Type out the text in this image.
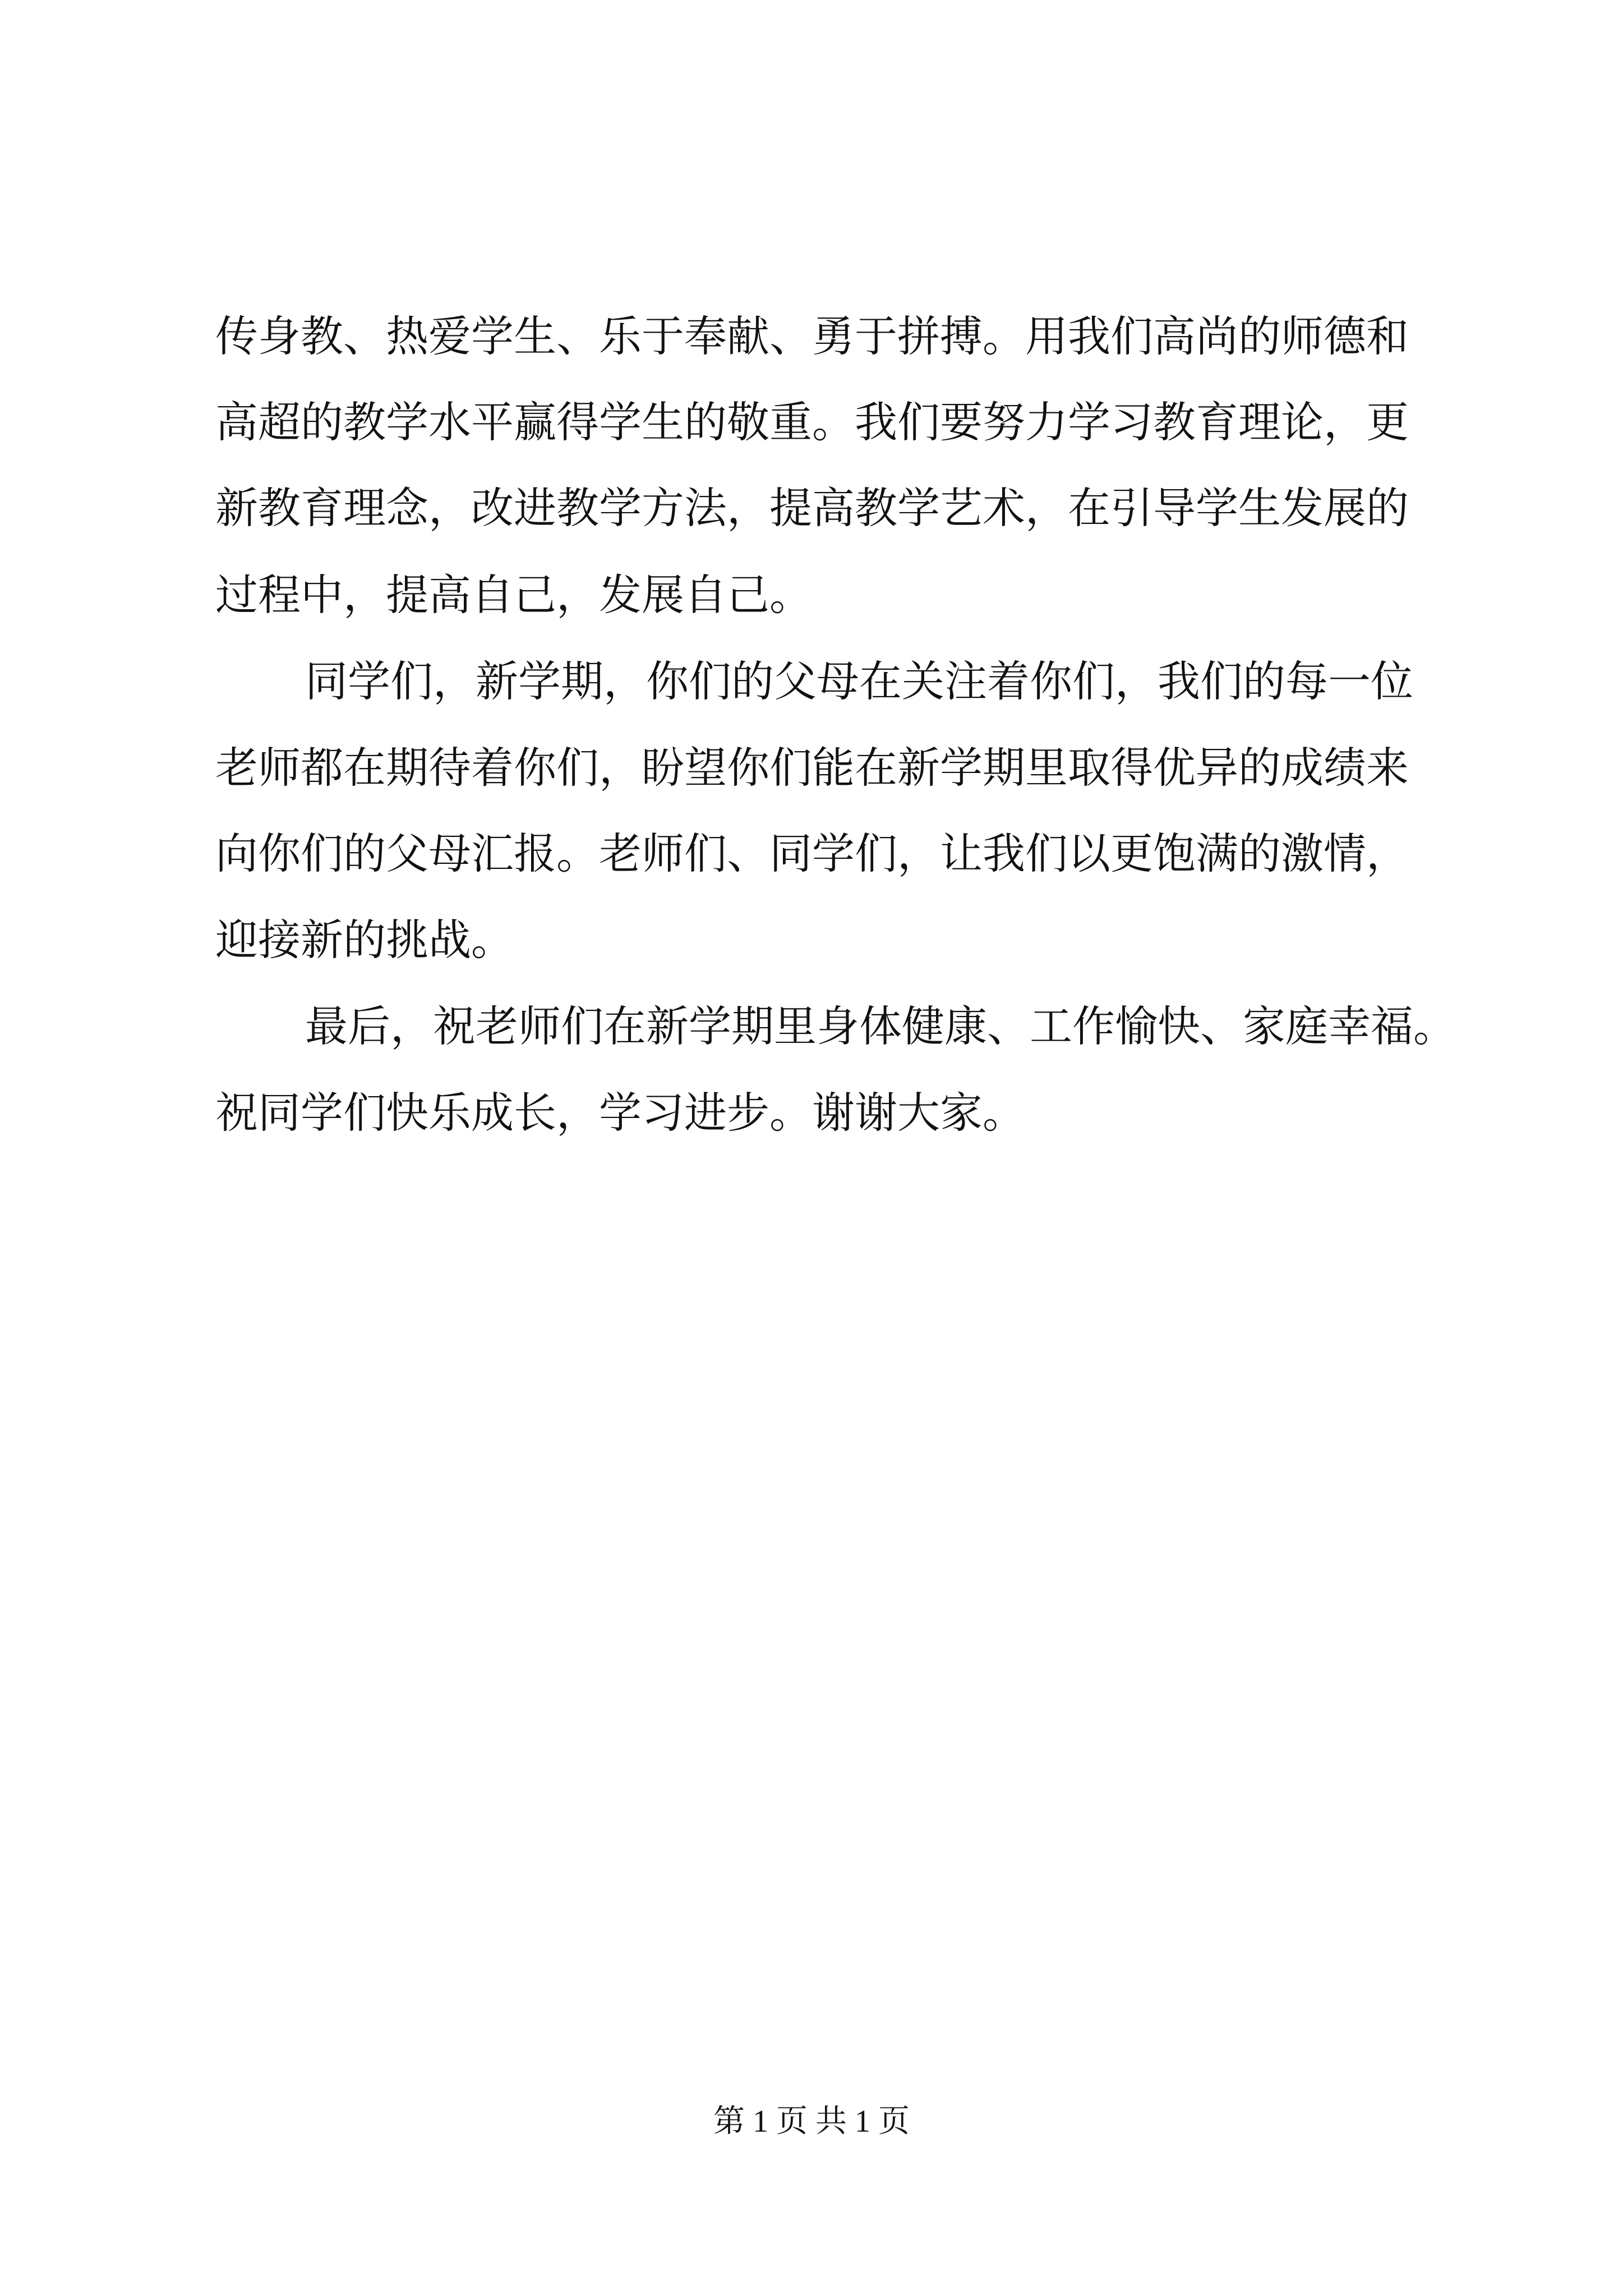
传身教、热爱学生、乐于奉献、勇于拼搏。用我们高尚的师德和
高超的教学水平赢得学生的敬重。我们要努力学习教育理论，更
新教育理念，改进教学方法，提高教学艺术，在引导学生发展的
过程中，提高自己，发展自己。
同学们，新学期，你们的父母在关注着你们，我们的每一位
老师都在期待着你们，盼望你们能在新学期里取得优异的成绩来
向你们的父母汇报。老师们、同学们，让我们以更饱满的激情，
迎接新的挑战。
最后，祝老师们在新学期里身体健康、工作愉快、家庭幸福。
祝同学们快乐成长，学习进步。谢谢大家。
第 1 页 共 1 页
